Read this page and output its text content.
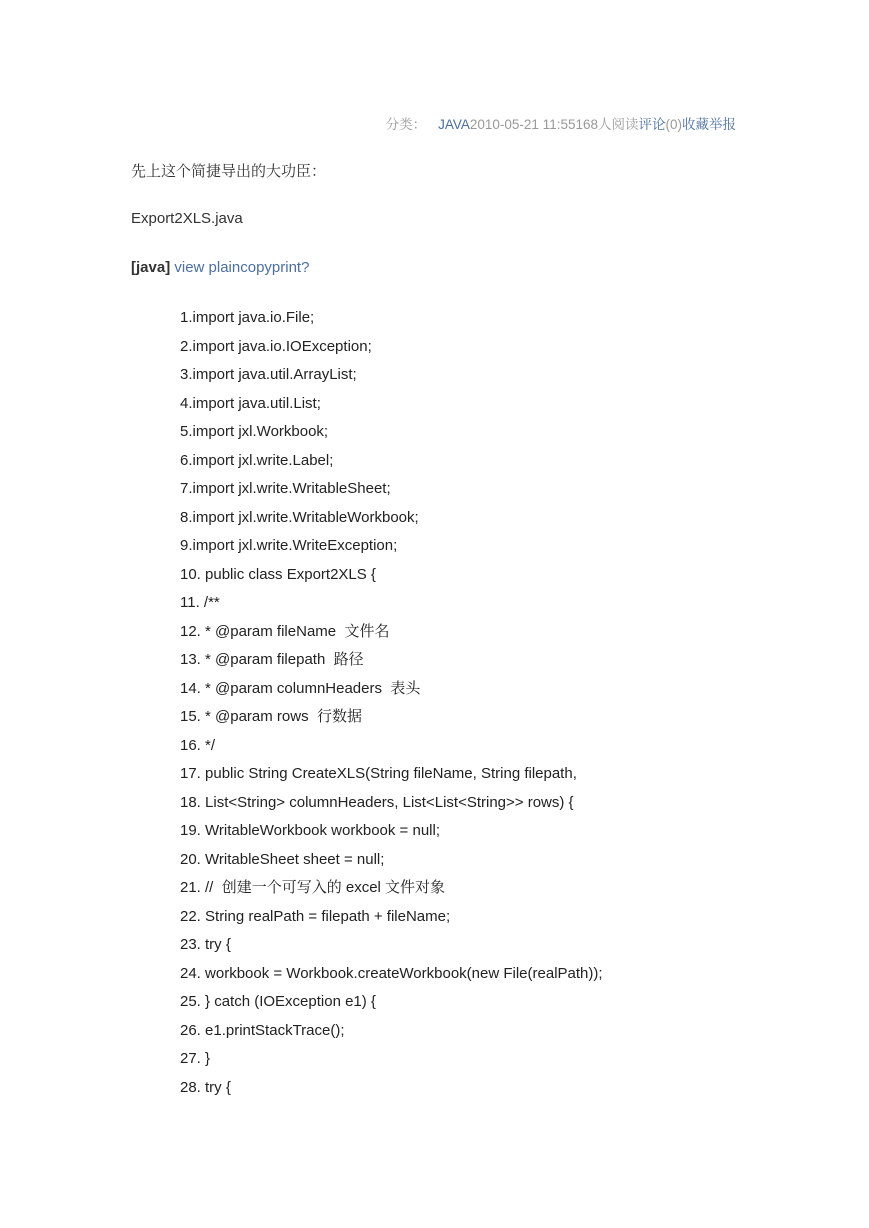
分类： JAVA2010-05-21 11:55168人阅读评论(0)收藏举报
先上这个简捷导出的大功臣：
Export2XLS.java
[java] view plaincopyprint?
1.import java.io.File;
2.import java.io.IOException;
3.import java.util.ArrayList;
4.import java.util.List;
5.import jxl.Workbook;
6.import jxl.write.Label;
7.import jxl.write.WritableSheet;
8.import jxl.write.WritableWorkbook;
9.import jxl.write.WriteException;
10. public class Export2XLS {
11. /**
12. * @param fileName  文件名
13. * @param filepath  路径
14. * @param columnHeaders  表头
15. * @param rows  行数据
16. */
17. public String CreateXLS(String fileName, String filepath,
18. List<String> columnHeaders, List<List<String>> rows) {
19. WritableWorkbook workbook = null;
20. WritableSheet sheet = null;
21. //  创建一个可写入的 excel 文件对象
22. String realPath = filepath + fileName;
23. try {
24. workbook = Workbook.createWorkbook(new File(realPath));
25. } catch (IOException e1) {
26. e1.printStackTrace();
27. }
28. try {
